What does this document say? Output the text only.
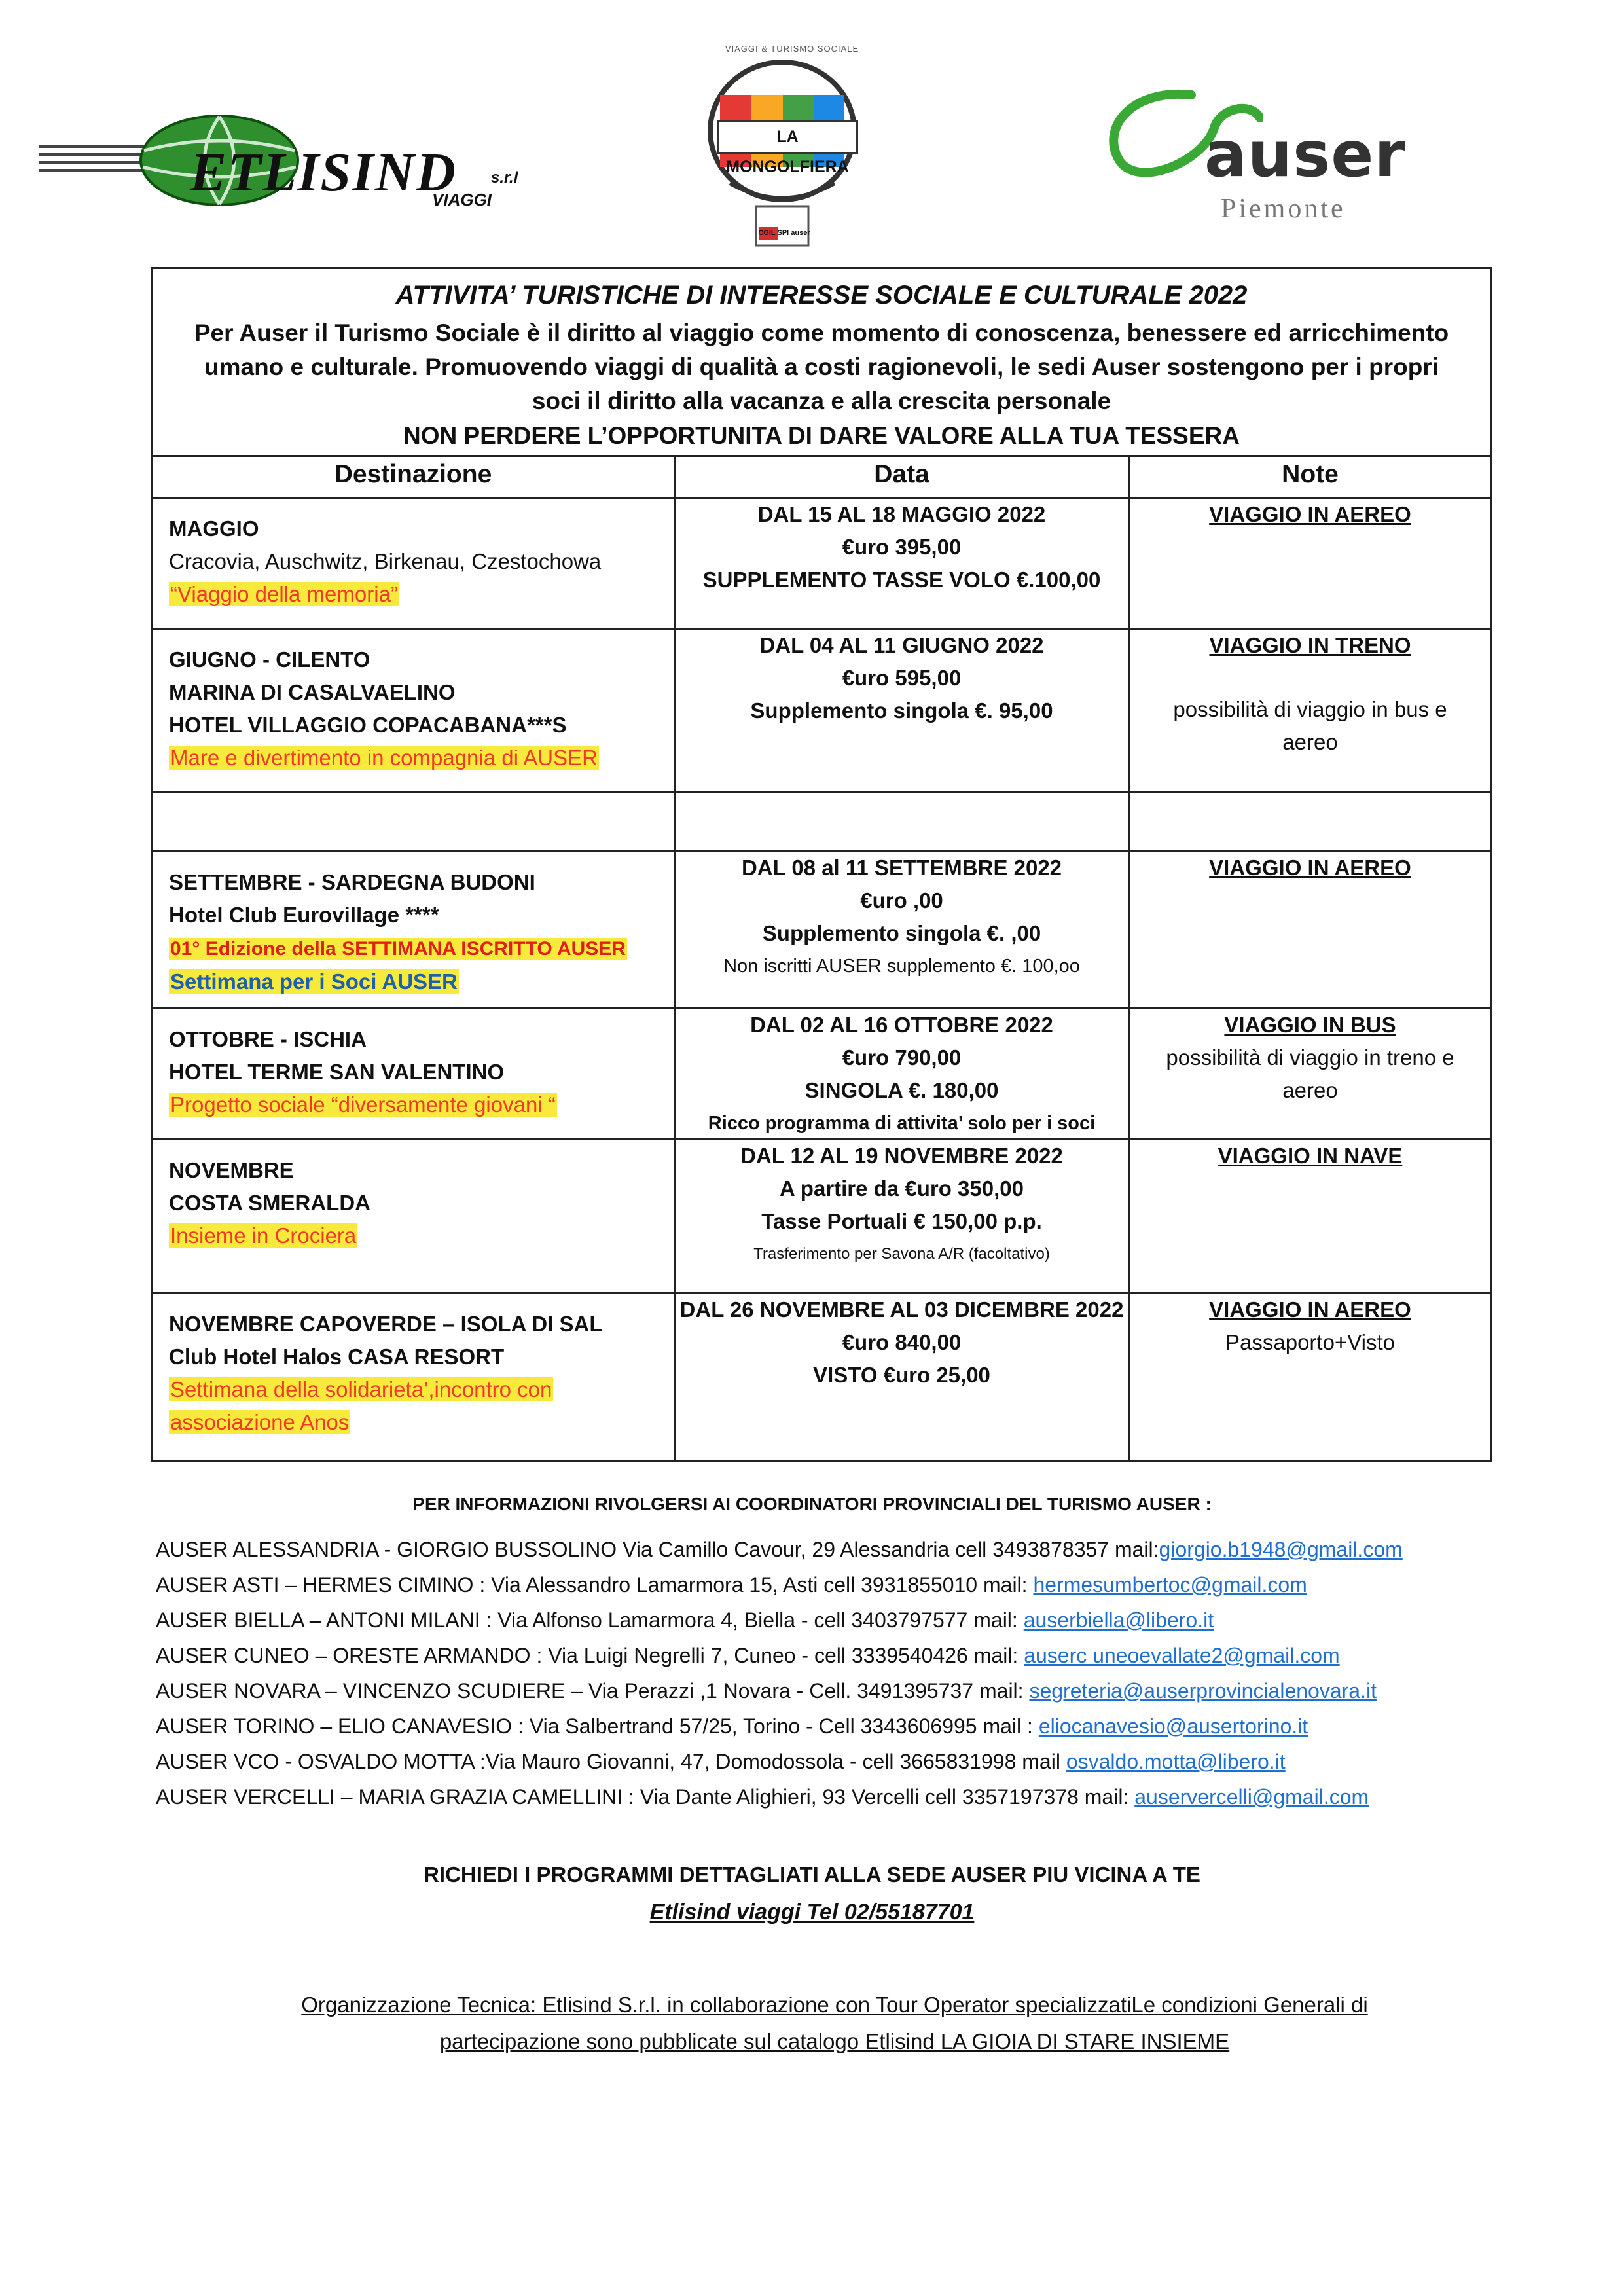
ETLISIND s.r.l
VIAGGI
VIAGGI & TURISMO SOCIALE
LA MONGOLFIERA
CGIL SPI auser
auser
Piemonte
ATTIVITA’ TURISTICHE DI INTERESSE SOCIALE E CULTURALE 2022
Per Auser il Turismo Sociale è il diritto al viaggio come momento di conoscenza, benessere ed arricchimento
umano e culturale. Promuovendo viaggi di qualità a costi ragionevoli, le sedi Auser sostengono per i propri
soci il diritto alla vacanza e alla crescita personale
NON PERDERE L’OPPORTUNITA DI DARE VALORE ALLA TUA TESSERA
Destinazione	Data	Note
MAGGIO
Cracovia, Auschwitz, Birkenau, Czestochowa
“Viaggio della memoria”
DAL 15 AL 18 MAGGIO 2022
€uro 395,00
SUPPLEMENTO TASSE VOLO €.100,00
VIAGGIO IN AEREO
GIUGNO - CILENTO
MARINA DI CASALVAELINO
HOTEL VILLAGGIO COPACABANA***S
Mare e divertimento in compagnia di AUSER
DAL 04 AL 11 GIUGNO 2022
€uro 595,00
Supplemento singola €. 95,00
VIAGGIO IN TRENO
possibilità di viaggio in bus e aereo
SETTEMBRE - SARDEGNA BUDONI
Hotel Club Eurovillage ****
01° Edizione della SETTIMANA ISCRITTO AUSER
Settimana per i Soci AUSER
DAL 08 al 11 SETTEMBRE 2022
€uro ,00
Supplemento singola €. ,00
Non iscritti AUSER supplemento €. 100,oo
VIAGGIO IN AEREO
OTTOBRE - ISCHIA
HOTEL TERME SAN VALENTINO
Progetto sociale “diversamente giovani “
DAL 02 AL 16 OTTOBRE 2022
€uro 790,00
SINGOLA €. 180,00
Ricco programma di attivita’ solo per i soci
VIAGGIO IN BUS
possibilità di viaggio in treno e aereo
NOVEMBRE
COSTA SMERALDA
Insieme in Crociera
DAL 12 AL 19 NOVEMBRE 2022
A partire da €uro 350,00
Tasse Portuali € 150,00 p.p.
Trasferimento per Savona A/R (facoltativo)
VIAGGIO IN NAVE
NOVEMBRE CAPOVERDE – ISOLA DI SAL
Club Hotel Halos CASA RESORT
Settimana della solidarieta’,incontro con
associazione Anos
DAL 26 NOVEMBRE AL 03 DICEMBRE 2022
€uro 840,00
VISTO €uro 25,00
VIAGGIO IN AEREO
Passaporto+Visto
PER INFORMAZIONI RIVOLGERSI AI COORDINATORI PROVINCIALI DEL TURISMO AUSER :
AUSER ALESSANDRIA - GIORGIO BUSSOLINO Via Camillo Cavour, 29 Alessandria cell 3493878357 mail:giorgio.b1948@gmail.com
AUSER ASTI – HERMES CIMINO : Via Alessandro Lamarmora 15, Asti cell 3931855010 mail: hermesumbertoc@gmail.com
AUSER BIELLA – ANTONI MILANI : Via Alfonso Lamarmora 4, Biella - cell 3403797577 mail: auserbiella@libero.it
AUSER CUNEO – ORESTE ARMANDO : Via Luigi Negrelli 7, Cuneo - cell 3339540426 mail: auserc uneoevallate2@gmail.com
AUSER NOVARA – VINCENZO SCUDIERE – Via Perazzi ,1 Novara - Cell. 3491395737 mail: segreteria@auserprovincialenovara.it
AUSER TORINO – ELIO CANAVESIO : Via Salbertrand 57/25, Torino - Cell 3343606995 mail : eliocanavesio@ausertorino.it
AUSER VCO - OSVALDO MOTTA :Via Mauro Giovanni, 47, Domodossola - cell 3665831998 mail osvaldo.motta@libero.it
AUSER VERCELLI – MARIA GRAZIA CAMELLINI : Via Dante Alighieri, 93 Vercelli cell 3357197378 mail: auservercelli@gmail.com
RICHIEDI I PROGRAMMI DETTAGLIATI ALLA SEDE AUSER PIU VICINA A TE
Etlisind viaggi Tel 02/55187701
Organizzazione Tecnica: Etlisind S.r.l. in collaborazione con Tour Operator specializzatiLe condizioni Generali di
partecipazione sono pubblicate sul catalogo Etlisind LA GIOIA DI STARE INSIEME
